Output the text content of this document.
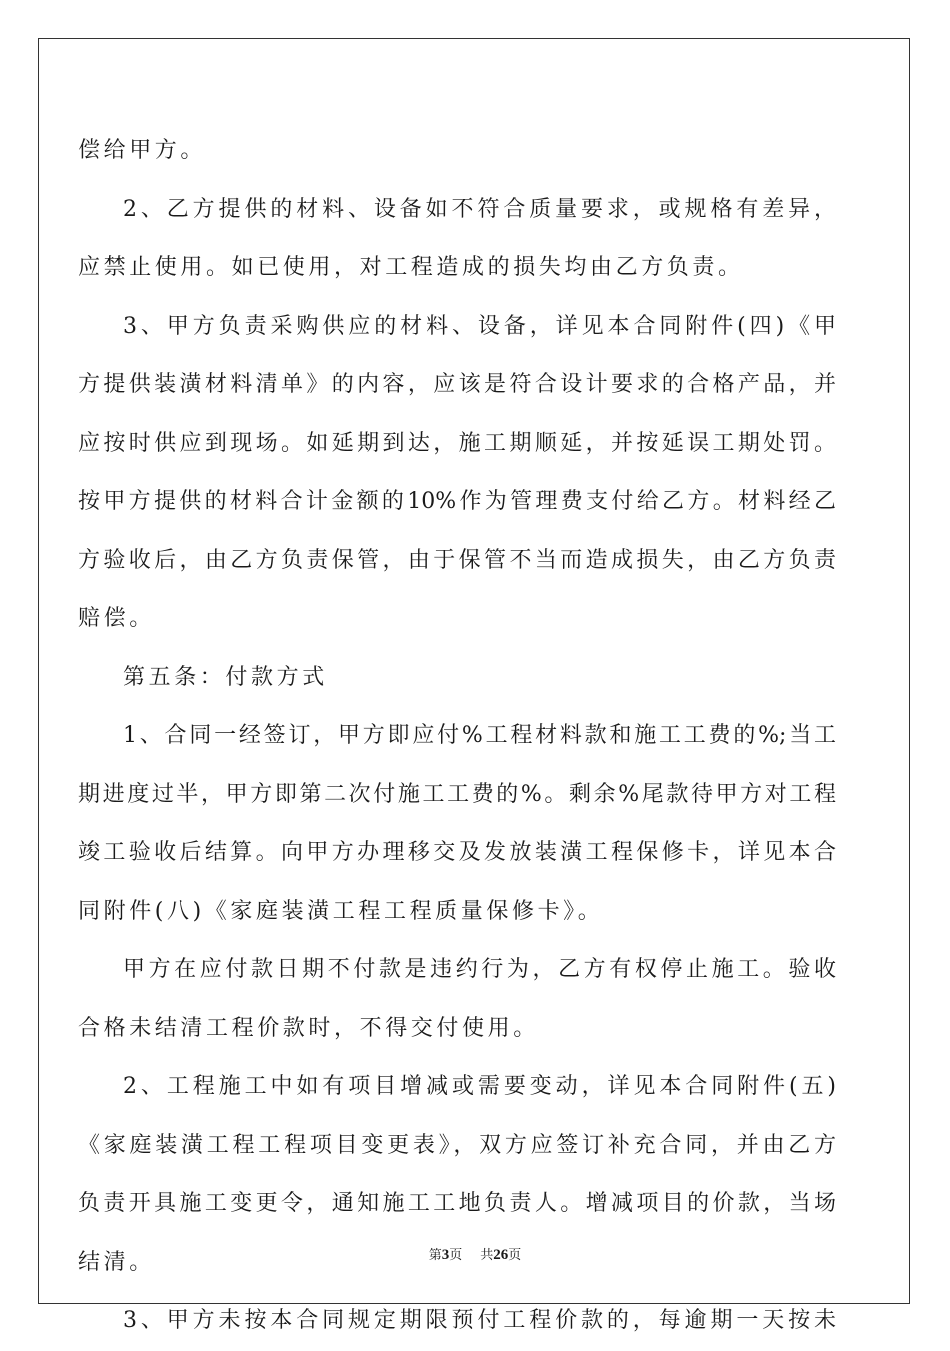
偿给甲方。
2、乙方提供的材料、设备如不符合质量要求，或规格有差异，
应禁止使用。如已使用，对工程造成的损失均由乙方负责。
3、甲方负责采购供应的材料、设备，详见本合同附件(四)《甲
方提供装潢材料清单》的内容，应该是符合设计要求的合格产品，并
应按时供应到现场。如延期到达，施工期顺延，并按延误工期处罚。
按甲方提供的材料合计金额的10%作为管理费支付给乙方。材料经乙
方验收后，由乙方负责保管，由于保管不当而造成损失，由乙方负责
赔偿。
第五条：付款方式
1、合同一经签订，甲方即应付%工程材料款和施工工费的%;当工
期进度过半，甲方即第二次付施工工费的%。剩余%尾款待甲方对工程
竣工验收后结算。向甲方办理移交及发放装潢工程保修卡，详见本合
同附件(八)《家庭装潢工程工程质量保修卡》。
甲方在应付款日期不付款是违约行为，乙方有权停止施工。验收
合格未结清工程价款时，不得交付使用。
2、工程施工中如有项目增减或需要变动，详见本合同附件(五)
《家庭装潢工程工程项目变更表》，双方应签订补充合同，并由乙方
负责开具施工变更令，通知施工工地负责人。增减项目的价款，当场
结清。
3、甲方未按本合同规定期限预付工程价款的，每逾期一天按未
第3页 共26页
